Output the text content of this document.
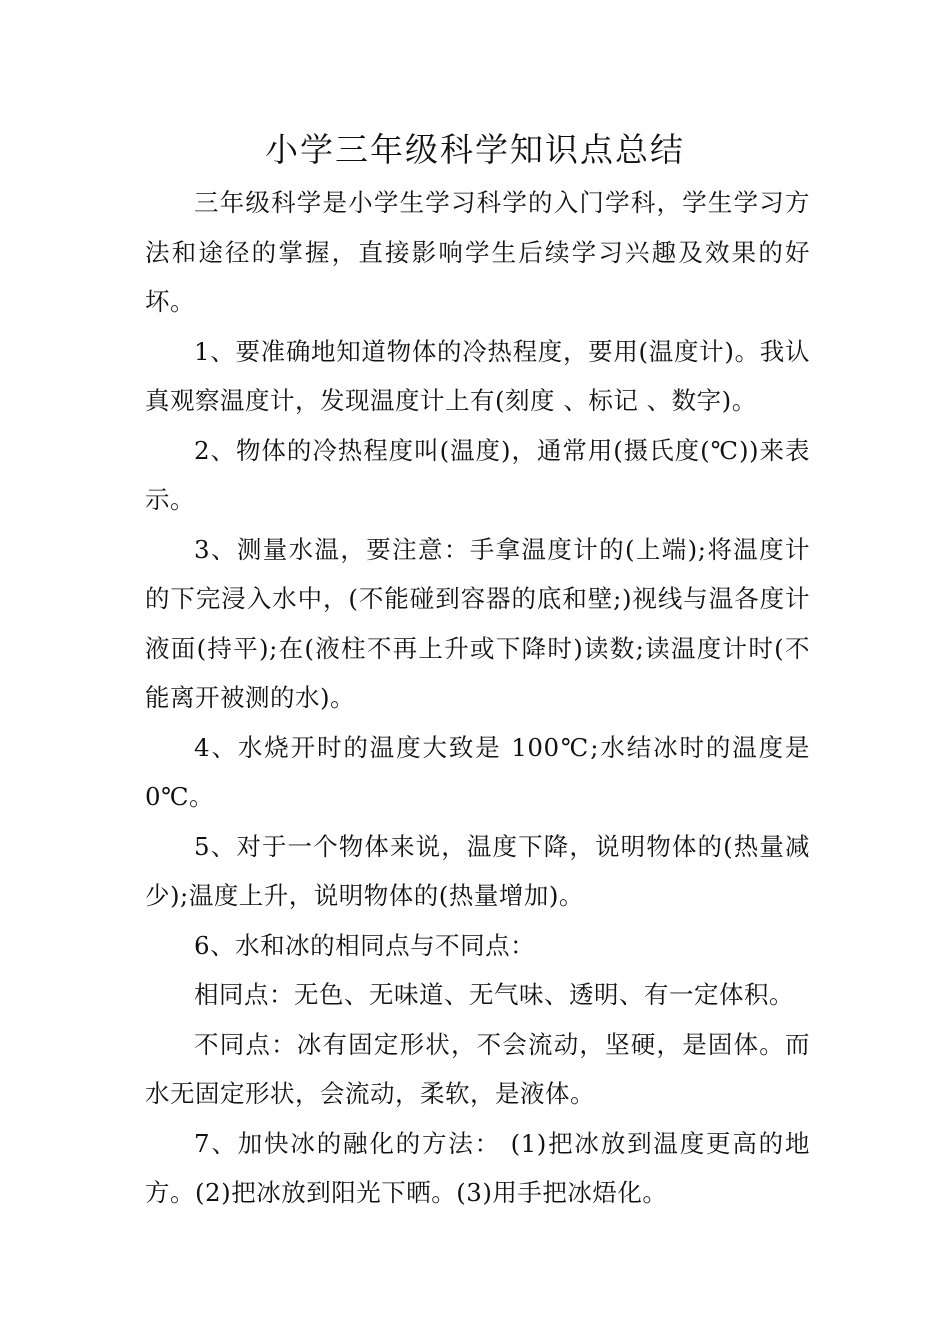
小学三年级科学知识点总结

三年级科学是小学生学习科学的入门学科，学生学习方法和途径的掌握，直接影响学生后续学习兴趣及效果的好坏。

1、要准确地知道物体的冷热程度，要用(温度计)。我认真观察温度计，发现温度计上有(刻度 、标记 、数字)。

2、物体的冷热程度叫(温度)，通常用(摄氏度(℃))来表示。

3、测量水温，要注意：手拿温度计的(上端);将温度计的下完浸入水中，(不能碰到容器的底和壁;)视线与温各度计液面(持平);在(液柱不再上升或下降时)读数;读温度计时(不能离开被测的水)。

4、水烧开时的温度大致是 100℃;水结冰时的温度是 0℃。

5、对于一个物体来说，温度下降，说明物体的(热量减少);温度上升，说明物体的(热量增加)。

6、水和冰的相同点与不同点：

相同点：无色、无味道、无气味、透明、有一定体积。

不同点：冰有固定形状，不会流动，坚硬，是固体。而水无固定形状，会流动，柔软，是液体。

7、加快冰的融化的方法： (1)把冰放到温度更高的地方。(2)把冰放到阳光下晒。(3)用手把冰焐化。
